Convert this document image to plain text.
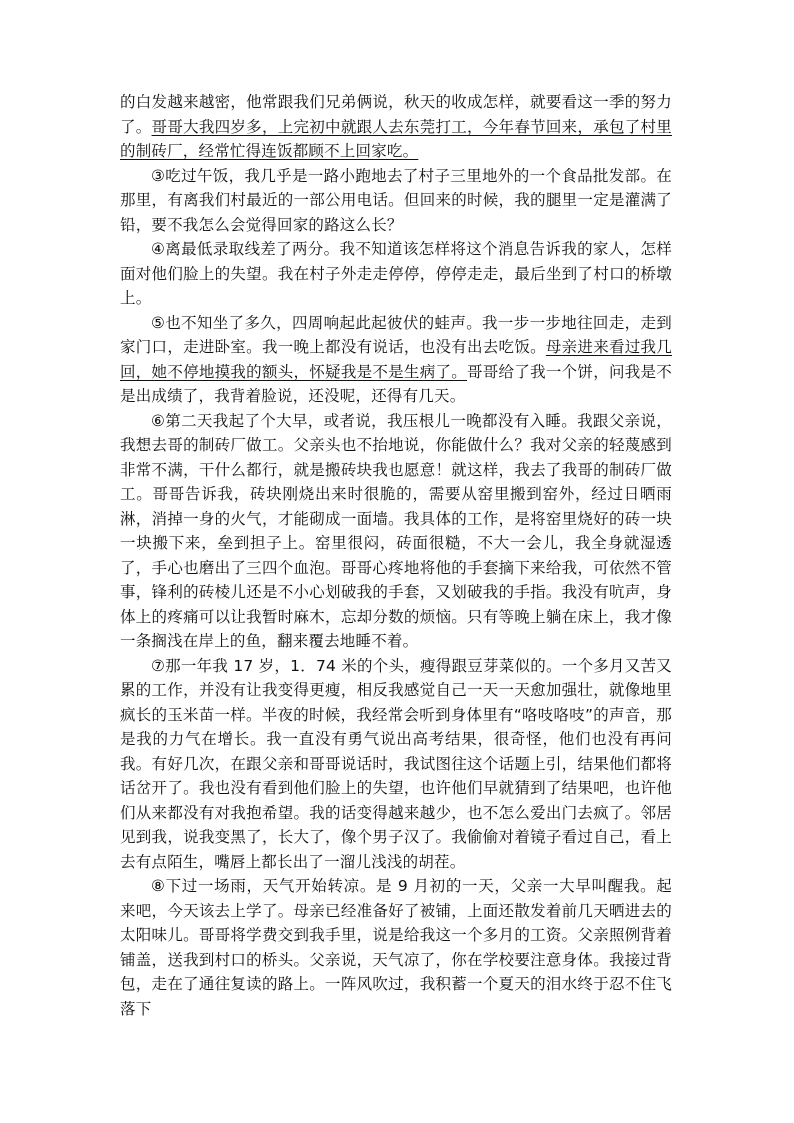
的白发越来越密，他常跟我们兄弟俩说，秋天的收成怎样，就要看这一季的努力了。哥哥大我四岁多，上完初中就跟人去东莞打工，今年春节回来，承包了村里的制砖厂，经常忙得连饭都顾不上回家吃。

③吃过午饭，我几乎是一路小跑地去了村子三里地外的一个食品批发部。在那里，有离我们村最近的一部公用电话。但回来的时候，我的腿里一定是灌满了铅，要不我怎么会觉得回家的路这么长？

④离最低录取线差了两分。我不知道该怎样将这个消息告诉我的家人，怎样面对他们脸上的失望。我在村子外走走停停，停停走走，最后坐到了村口的桥墩上。

⑤也不知坐了多久，四周响起此起彼伏的蛙声。我一步一步地往回走，走到家门口，走进卧室。我一晚上都没有说话，也没有出去吃饭。母亲进来看过我几回，她不停地摸我的额头，怀疑我是不是生病了。哥哥给了我一个饼，问我是不是出成绩了，我背着脸说，还没呢，还得有几天。

⑥第二天我起了个大早，或者说，我压根儿一晚都没有入睡。我跟父亲说，我想去哥的制砖厂做工。父亲头也不抬地说，你能做什么？我对父亲的轻蔑感到非常不满，干什么都行，就是搬砖块我也愿意！就这样，我去了我哥的制砖厂做工。哥哥告诉我，砖块刚烧出来时很脆的，需要从窑里搬到窑外，经过日晒雨淋，消掉一身的火气，才能砌成一面墙。我具体的工作，是将窑里烧好的砖一块一块搬下来，垒到担子上。窑里很闷，砖面很糙，不大一会儿，我全身就湿透了，手心也磨出了三四个血泡。哥哥心疼地将他的手套摘下来给我，可依然不管事，锋利的砖棱儿还是不小心划破我的手套，又划破我的手指。我没有吭声，身体上的疼痛可以让我暂时麻木，忘却分数的烦恼。只有等晚上躺在床上，我才像一条搁浅在岸上的鱼，翻来覆去地睡不着。

⑦那一年我 17 岁，1．74 米的个头，瘦得跟豆芽菜似的。一个多月又苦又累的工作，并没有让我变得更瘦，相反我感觉自己一天一天愈加强壮，就像地里疯长的玉米苗一样。半夜的时候，我经常会听到身体里有“咯吱咯吱”的声音，那是我的力气在增长。我一直没有勇气说出高考结果，很奇怪，他们也没有再问我。有好几次，在跟父亲和哥哥说话时，我试图往这个话题上引，结果他们都将话岔开了。我也没有看到他们脸上的失望，也许他们早就猜到了结果吧，也许他们从来都没有对我抱希望。我的话变得越来越少，也不怎么爱出门去疯了。邻居见到我，说我变黑了，长大了，像个男子汉了。我偷偷对着镜子看过自己，看上去有点陌生，嘴唇上都长出了一溜儿浅浅的胡茬。

⑧下过一场雨，天气开始转凉。是 9 月初的一天，父亲一大早叫醒我。起来吧，今天该去上学了。母亲已经准备好了被铺，上面还散发着前几天晒进去的太阳味儿。哥哥将学费交到我手里，说是给我这一个多月的工资。父亲照例背着铺盖，送我到村口的桥头。父亲说，天气凉了，你在学校要注意身体。我接过背包，走在了通往复读的路上。一阵风吹过，我积蓄一个夏天的泪水终于忍不住飞落下
